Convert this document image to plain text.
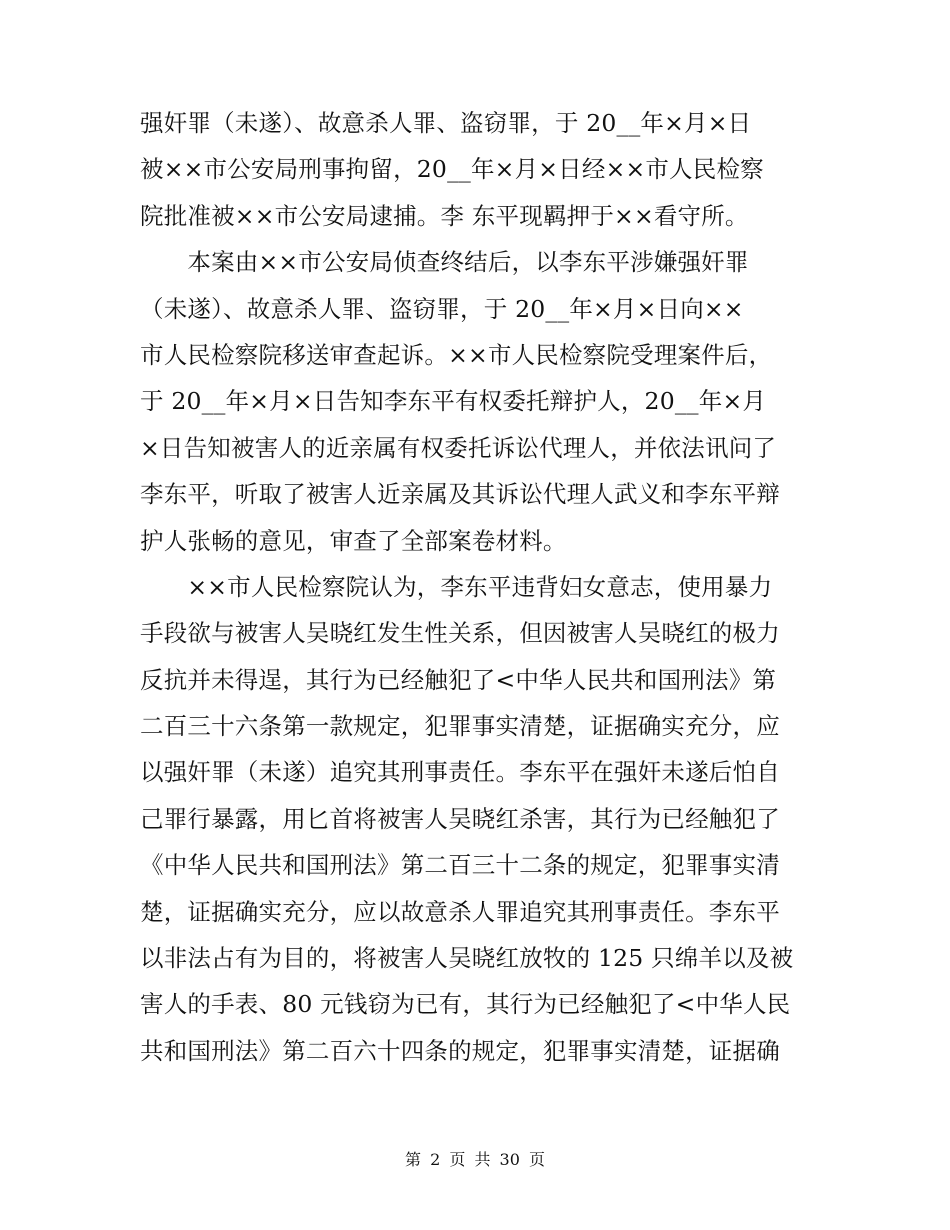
强奸罪（未遂）、故意杀人罪、盗窃罪，于 20__年×月×日
被××市公安局刑事拘留，20__年×月×日经××市人民检察
院批准被××市公安局逮捕。李 东平现羁押于××看守所。
　　本案由××市公安局侦查终结后，以李东平涉嫌强奸罪
（未遂）、故意杀人罪、盗窃罪，于 20__年×月×日向××
市人民检察院移送审查起诉。××市人民检察院受理案件后，
于 20__年×月×日告知李东平有权委托辩护人，20__年×月
×日告知被害人的近亲属有权委托诉讼代理人，并依法讯问了
李东平，听取了被害人近亲属及其诉讼代理人武义和李东平辩
护人张畅的意见，审查了全部案卷材料。
　　××市人民检察院认为，李东平违背妇女意志，使用暴力
手段欲与被害人吴晓红发生性关系，但因被害人吴晓红的极力
反抗并未得逞，其行为已经触犯了<中华人民共和国刑法》第
二百三十六条第一款规定，犯罪事实清楚，证据确实充分，应
以强奸罪（未遂）追究其刑事责任。李东平在强奸未遂后怕自
己罪行暴露，用匕首将被害人吴晓红杀害，其行为已经触犯了
《中华人民共和国刑法》第二百三十二条的规定，犯罪事实清
楚，证据确实充分，应以故意杀人罪追究其刑事责任。李东平
以非法占有为目的，将被害人吴晓红放牧的 125 只绵羊以及被
害人的手表、80 元钱窃为已有，其行为已经触犯了<中华人民
共和国刑法》第二百六十四条的规定，犯罪事实清楚，证据确
第 2 页 共 30 页
